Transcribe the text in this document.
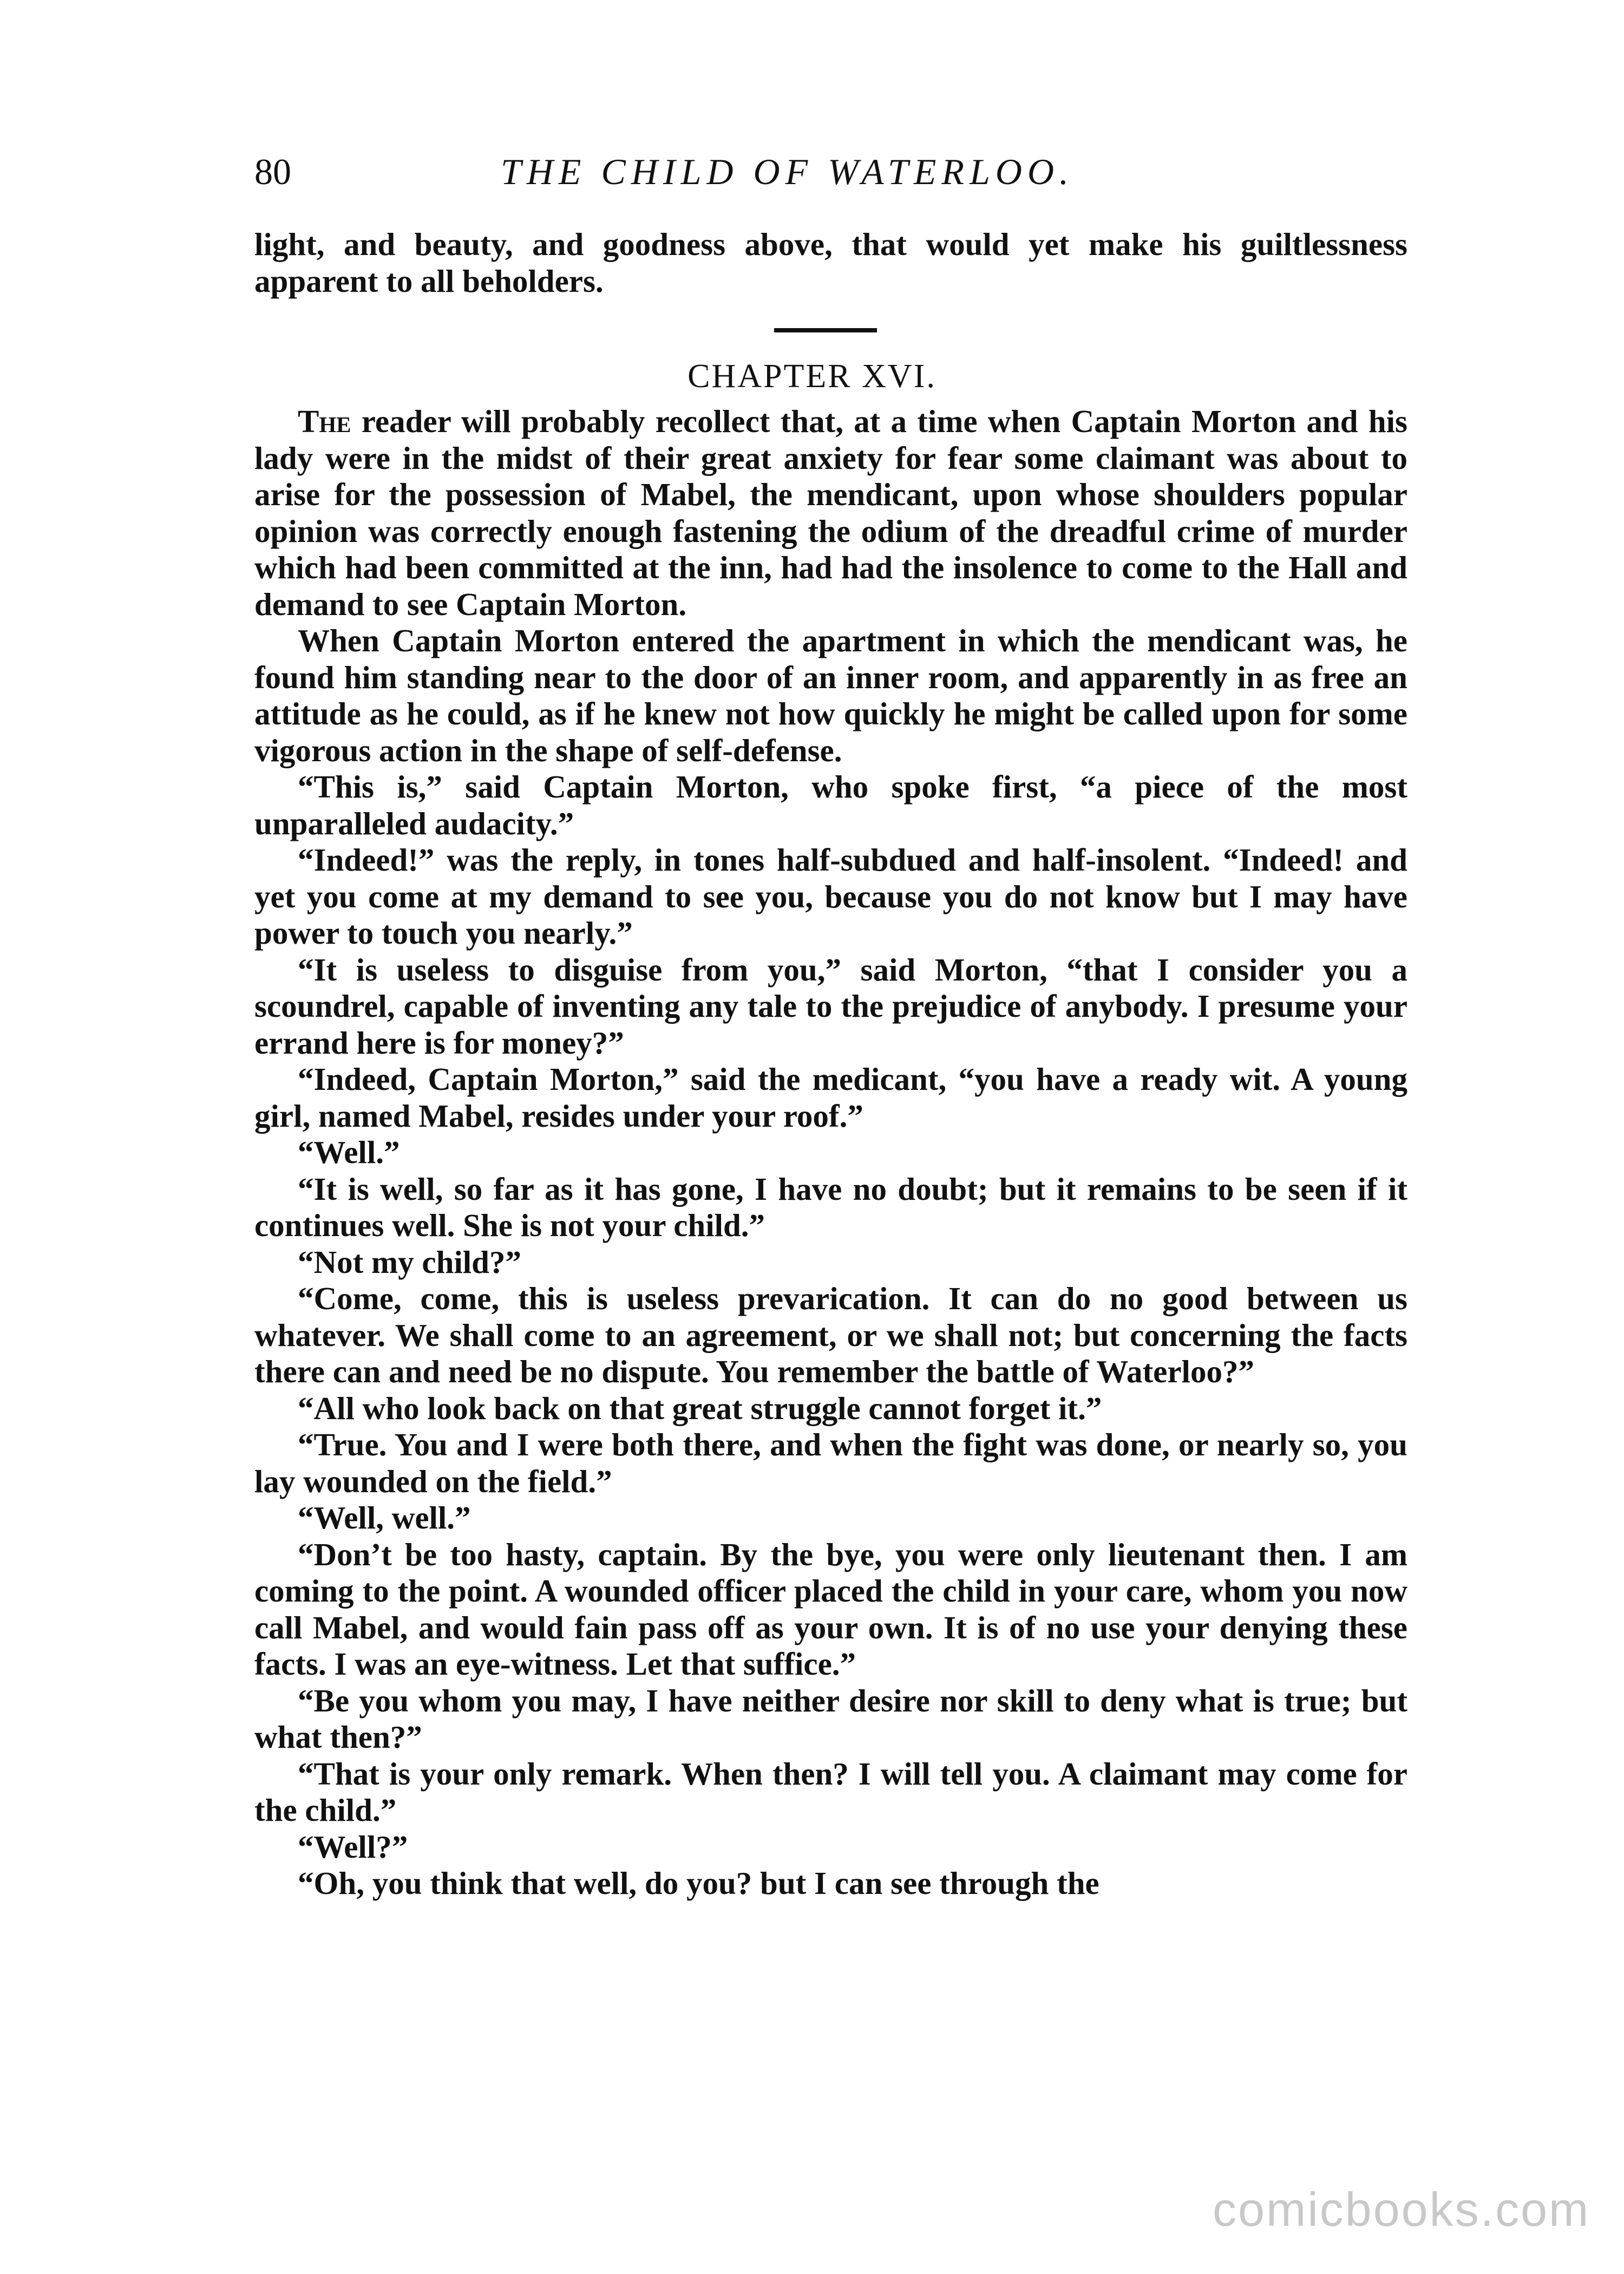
80	THE CHILD OF WATERLOO.

light, and beauty, and goodness above, that would yet make his guiltlessness apparent to all beholders.

CHAPTER XVI.

The reader will probably recollect that, at a time when Captain Morton and his lady were in the midst of their great anxiety for fear some claimant was about to arise for the possession of Mabel, the mendicant, upon whose shoulders popular opinion was correctly enough fastening the odium of the dreadful crime of murder which had been committed at the inn, had had the insolence to come to the Hall and demand to see Captain Morton.

When Captain Morton entered the apartment in which the mendicant was, he found him standing near to the door of an inner room, and apparently in as free an attitude as he could, as if he knew not how quickly he might be called upon for some vigorous action in the shape of self-defense.

“This is,” said Captain Morton, who spoke first, “a piece of the most unparalleled audacity.”

“Indeed!” was the reply, in tones half-subdued and half-insolent. “Indeed! and yet you come at my demand to see you, because you do not know but I may have power to touch you nearly.”

“It is useless to disguise from you,” said Morton, “that I consider you a scoundrel, capable of inventing any tale to the prejudice of anybody. I presume your errand here is for money?”

“Indeed, Captain Morton,” said the medicant, “you have a ready wit. A young girl, named Mabel, resides under your roof.”

“Well.”

“It is well, so far as it has gone, I have no doubt; but it remains to be seen if it continues well. She is not your child.”

“Not my child?”

“Come, come, this is useless prevarication. It can do no good between us whatever. We shall come to an agreement, or we shall not; but concerning the facts there can and need be no dispute. You remember the battle of Waterloo?”

“All who look back on that great struggle cannot forget it.”

“True. You and I were both there, and when the fight was done, or nearly so, you lay wounded on the field.”

“Well, well.”

“Don’t be too hasty, captain. By the bye, you were only lieutenant then. I am coming to the point. A wounded officer placed the child in your care, whom you now call Mabel, and would fain pass off as your own. It is of no use your denying these facts. I was an eye-witness. Let that suffice.”

“Be you whom you may, I have neither desire nor skill to deny what is true; but what then?”

“That is your only remark. When then? I will tell you. A claimant may come for the child.”

“Well?”

“Oh, you think that well, do you? but I can see through the

comicbooks.com
